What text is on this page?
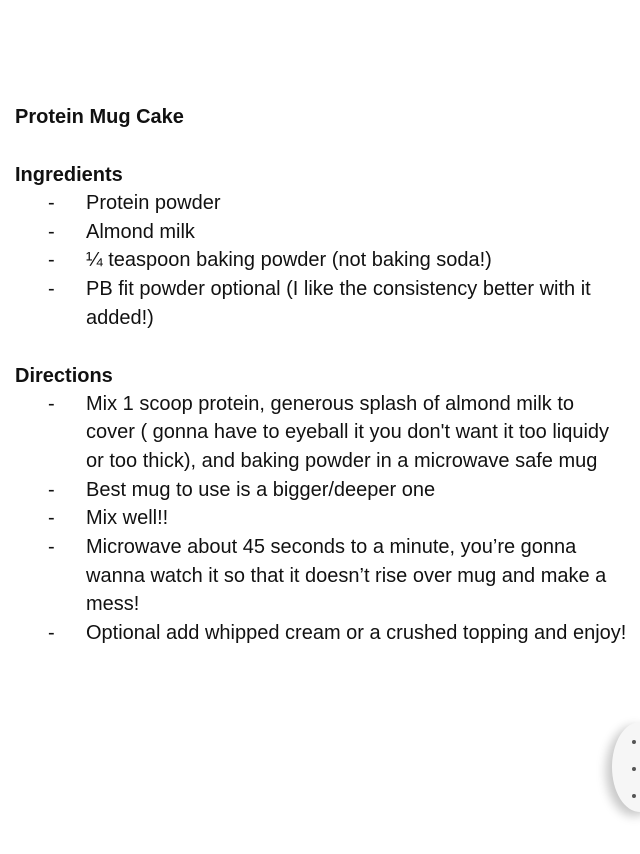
Protein Mug Cake
Ingredients
- Protein powder
- Almond milk
- ¼ teaspoon baking powder (not baking soda!)
- PB fit powder optional (I like the consistency better with it added!)
Directions
- Mix 1 scoop protein, generous splash of almond milk to cover ( gonna have to eyeball it you don't want it too liquidy or too thick), and baking powder in a microwave safe mug
- Best mug to use is a bigger/deeper one
- Mix well!!
- Microwave about 45 seconds to a minute, you’re gonna wanna watch it so that it doesn’t rise over mug and make a mess!
- Optional add whipped cream or a crushed topping and enjoy!
